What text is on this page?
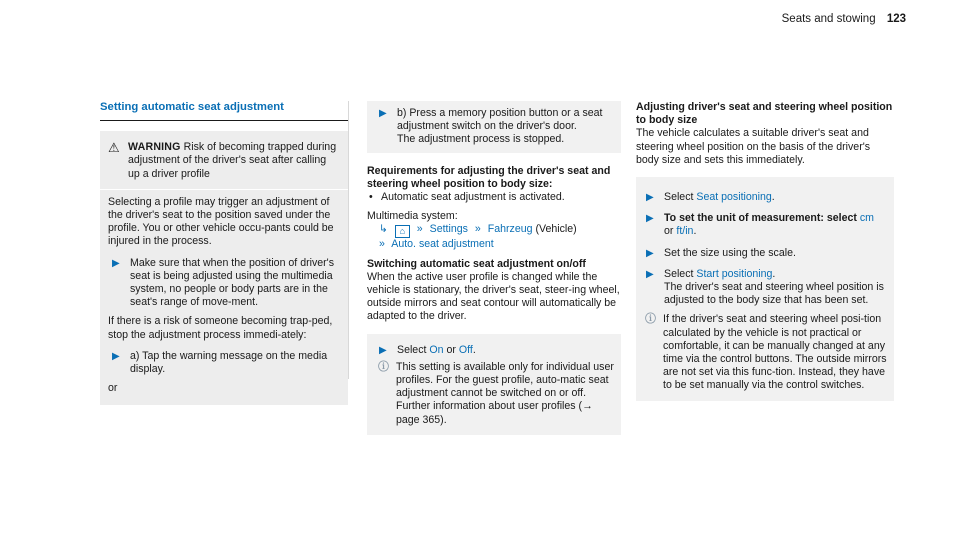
Seats and stowing 123
Setting automatic seat adjustment
⚠ WARNING Risk of becoming trapped during adjustment of the driver's seat after calling up a driver profile
Selecting a profile may trigger an adjustment of the driver's seat to the position saved under the profile. You or other vehicle occu-pants could be injured in the process.
▶ Make sure that when the position of driver's seat is being adjusted using the multimedia system, no people or body parts are in the seat's range of move-ment.
If there is a risk of someone becoming trap-ped, stop the adjustment process immedi-ately:
▶ a) Tap the warning message on the media display.
or
▶ b) Press a memory position button or a seat adjustment switch on the driver's door.
The adjustment process is stopped.
Requirements for adjusting the driver's seat and steering wheel position to body size:
• Automatic seat adjustment is activated.
Multimedia system:
↳ ⌂ » Settings » Fahrzeug (Vehicle)
» Auto. seat adjustment
Switching automatic seat adjustment on/off
When the active user profile is changed while the vehicle is stationary, the driver's seat, steer-ing wheel, outside mirrors and seat contour will automatically be adapted to the driver.
▶ Select On or Off.
ⓘ This setting is available only for individual user profiles. For the guest profile, auto-matic seat adjustment cannot be switched on or off. Further information about user profiles (→ page 365).
Adjusting driver's seat and steering wheel position to body size
The vehicle calculates a suitable driver's seat and steering wheel position on the basis of the driver's body size and sets this immediately.
▶ Select Seat positioning.
▶ To set the unit of measurement: select cm
or ft/in.
▶ Set the size using the scale.
▶ Select Start positioning.
The driver's seat and steering wheel position is adjusted to the body size that has been set.
ⓘ If the driver's seat and steering wheel posi-tion calculated by the vehicle is not practical or comfortable, it can be manually changed at any time via the control buttons. The outside mirrors are not set via this func-tion. Instead, they have to be set manually via the control switches.
